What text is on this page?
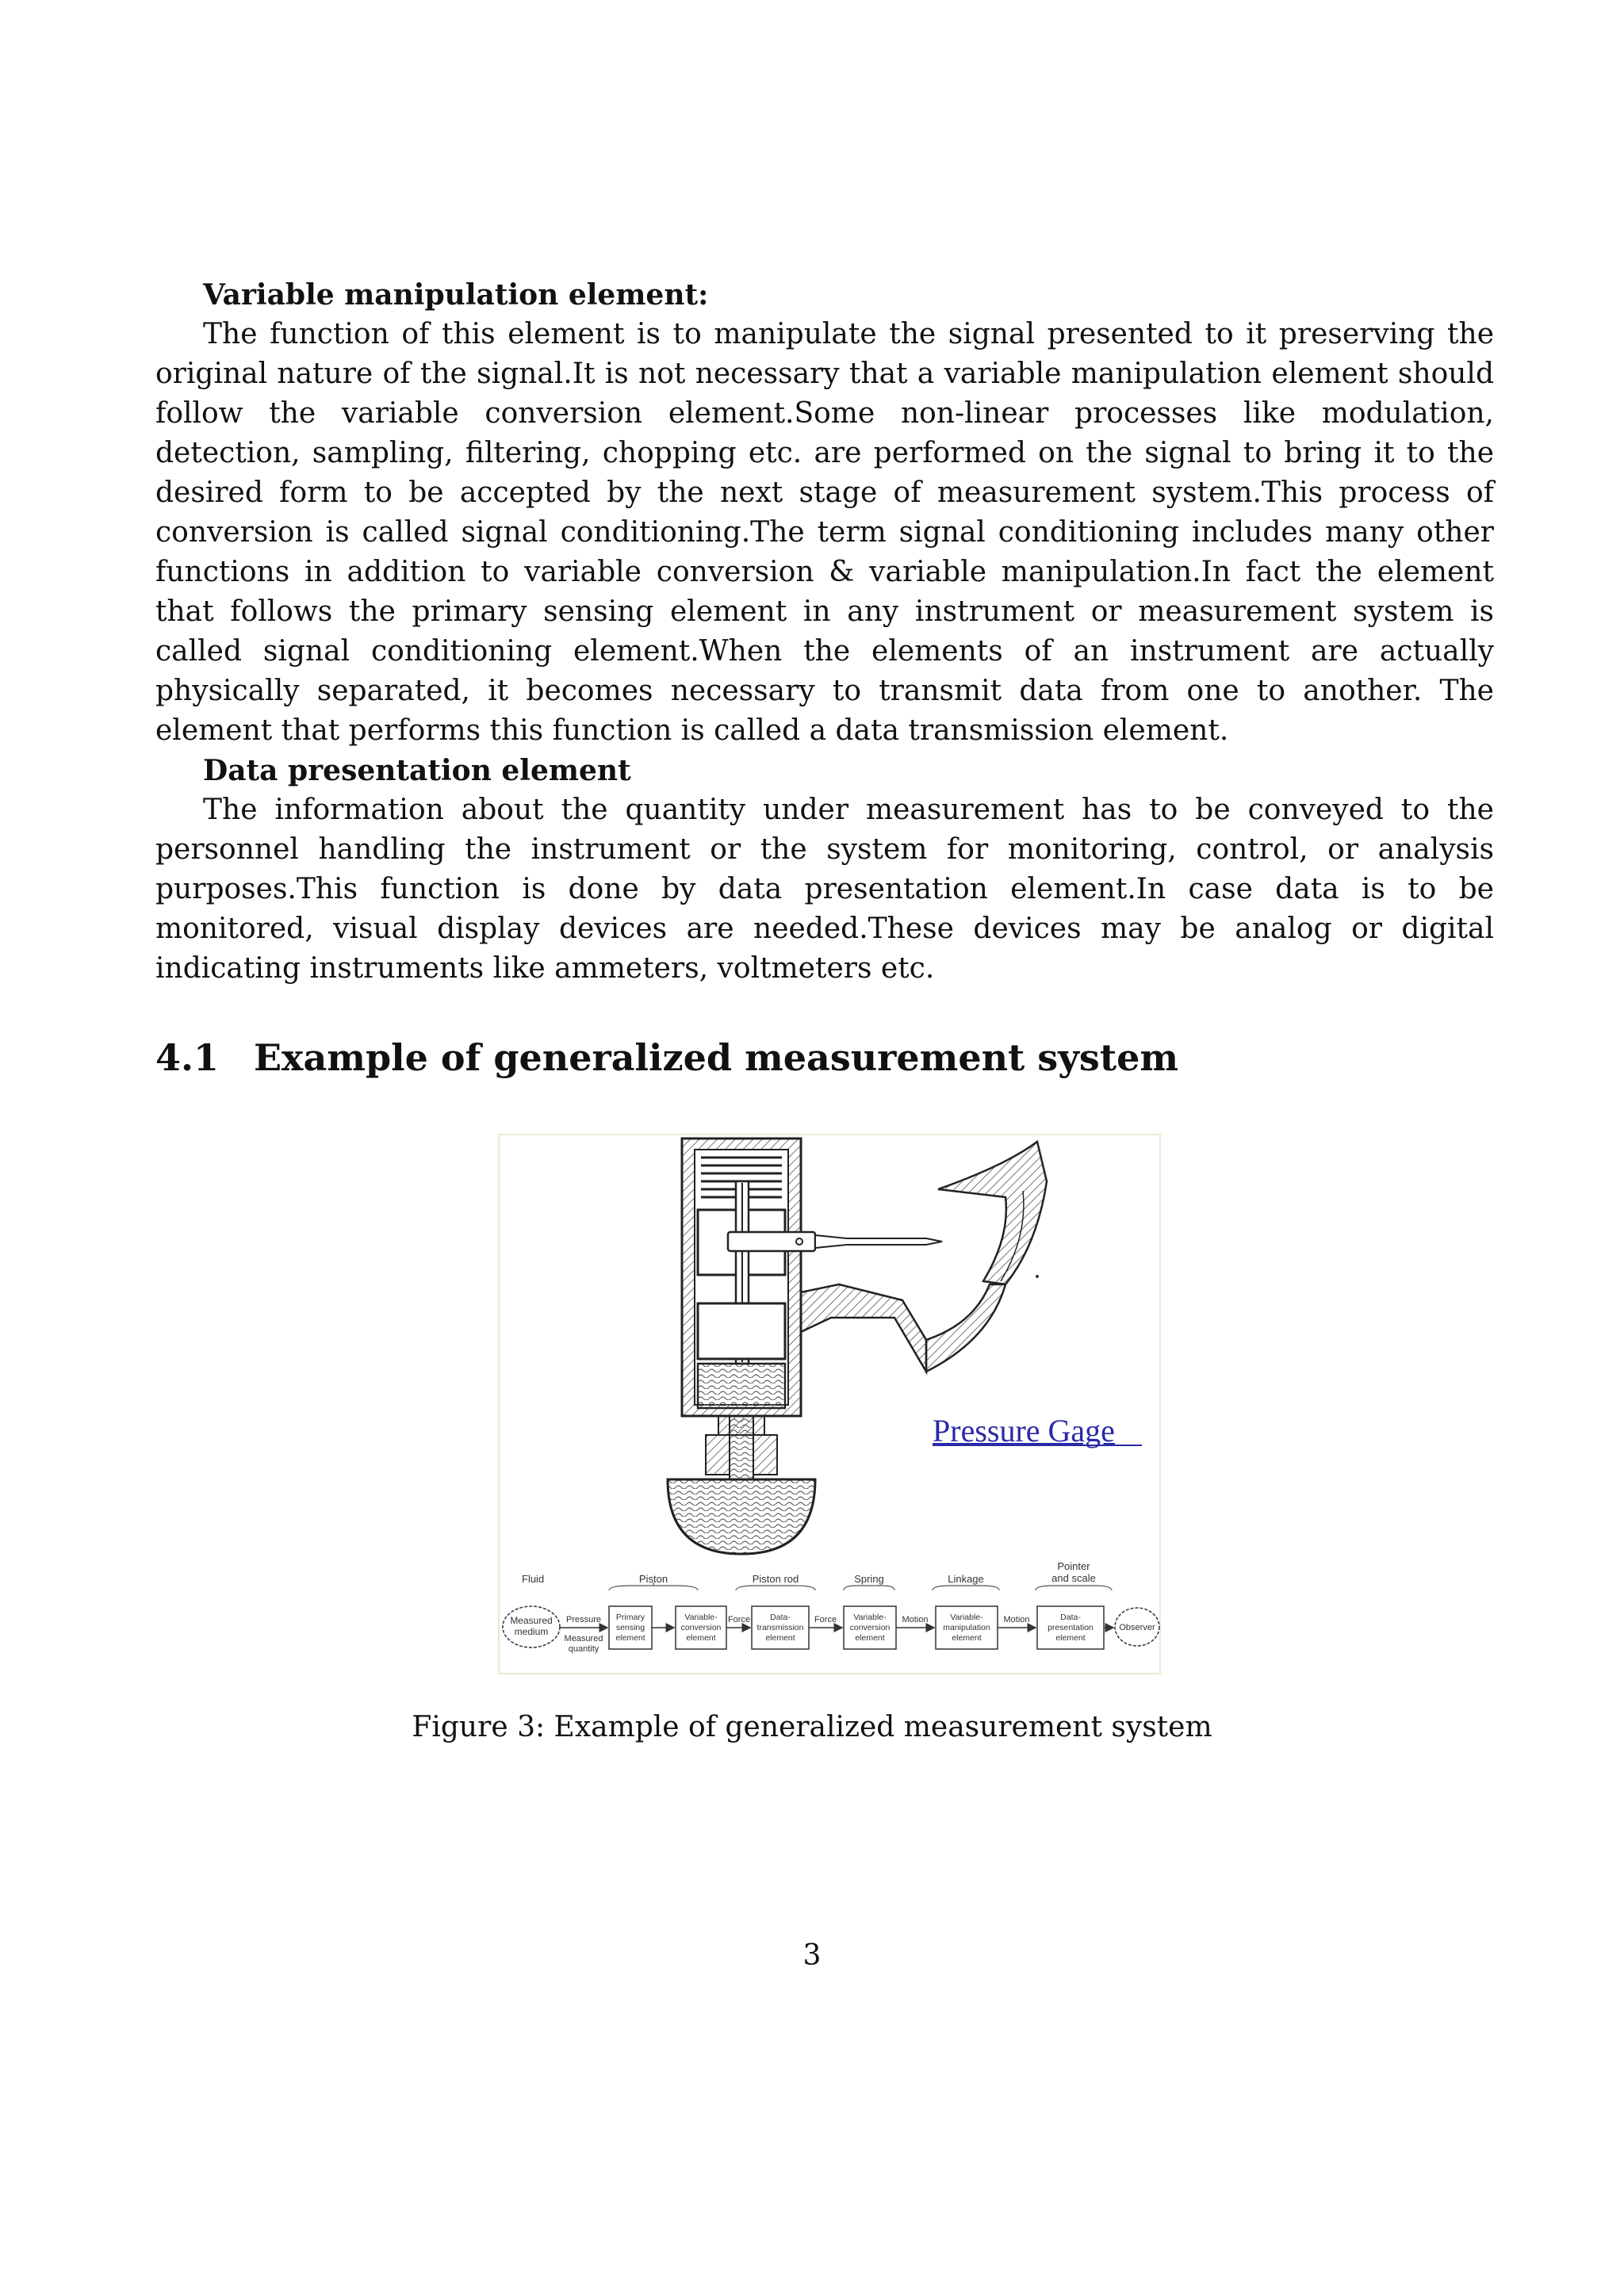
Variable manipulation element:

The function of this element is to manipulate the signal presented to it preserving the original nature of the signal.It is not necessary that a variable manipulation element should follow the variable conversion element.Some non-linear processes like modulation, detection, sampling, filtering, chopping etc. are performed on the signal to bring it to the desired form to be accepted by the next stage of measurement system.This process of conversion is called signal conditioning.The term signal conditioning includes many other functions in addition to variable conversion & variable manipulation.In fact the element that follows the primary sensing element in any instrument or measurement system is called signal conditioning element.When the elements of an instrument are actually physically separated, it becomes necessary to transmit data from one to another. The element that performs this function is called a data transmission element.

Data presentation element

The information about the quantity under measurement has to be conveyed to the personnel handling the instrument or the system for monitoring, control, or analysis purposes.This function is done by data presentation element.In case data is to be monitored, visual display devices are needed.These devices may be analog or digital indicating instruments like ammeters, voltmeters etc.

4.1 Example of generalized measurement system
Pressure Gage
Fluid	Piston	Piston rod	Spring	Linkage
Pointer
and scale
Measured
medium	Observer
Primary
sensing
element
Variable-
conversion
element
Data-
transmission
element
Variable-
conversion
element
Variable-
manipulation
element
Data-
presentation
element
Pressure
Measured
quantity
Force	Force	Motion	Motion

Figure 3: Example of generalized measurement system

3
